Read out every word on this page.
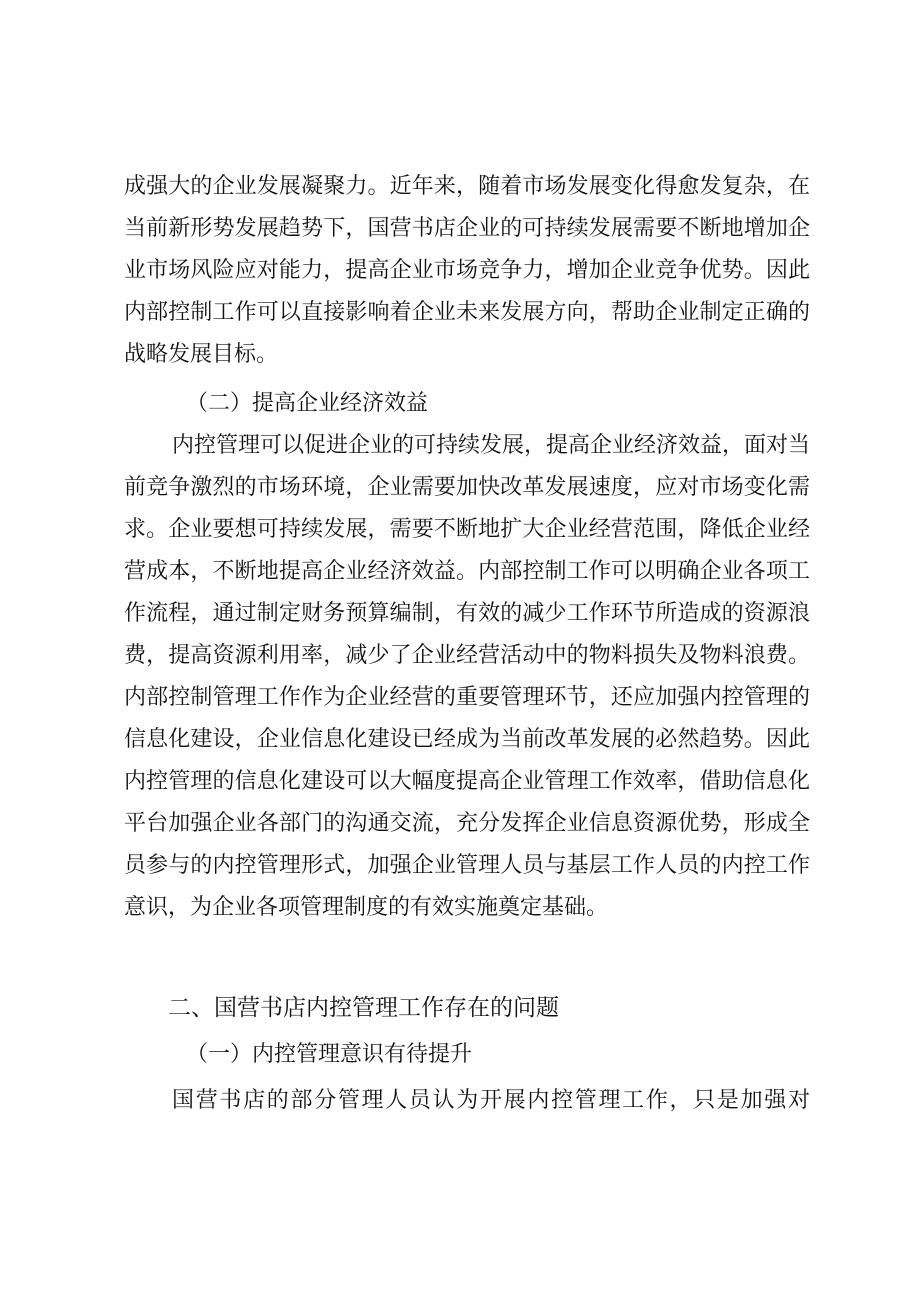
成强大的企业发展凝聚力。近年来，随着市场发展变化得愈发复杂，在当前新形势发展趋势下，国营书店企业的可持续发展需要不断地增加企业市场风险应对能力，提高企业市场竞争力，增加企业竞争优势。因此内部控制工作可以直接影响着企业未来发展方向，帮助企业制定正确的战略发展目标。

（二）提高企业经济效益

内控管理可以促进企业的可持续发展，提高企业经济效益，面对当前竞争激烈的市场环境，企业需要加快改革发展速度，应对市场变化需求。企业要想可持续发展，需要不断地扩大企业经营范围，降低企业经营成本，不断地提高企业经济效益。内部控制工作可以明确企业各项工作流程，通过制定财务预算编制，有效的减少工作环节所造成的资源浪费，提高资源利用率，减少了企业经营活动中的物料损失及物料浪费。内部控制管理工作作为企业经营的重要管理环节，还应加强内控管理的信息化建设，企业信息化建设已经成为当前改革发展的必然趋势。因此内控管理的信息化建设可以大幅度提高企业管理工作效率，借助信息化平台加强企业各部门的沟通交流，充分发挥企业信息资源优势，形成全员参与的内控管理形式，加强企业管理人员与基层工作人员的内控工作意识，为企业各项管理制度的有效实施奠定基础。

二、国营书店内控管理工作存在的问题

（一）内控管理意识有待提升

国营书店的部分管理人员认为开展内控管理工作，只是加强对
